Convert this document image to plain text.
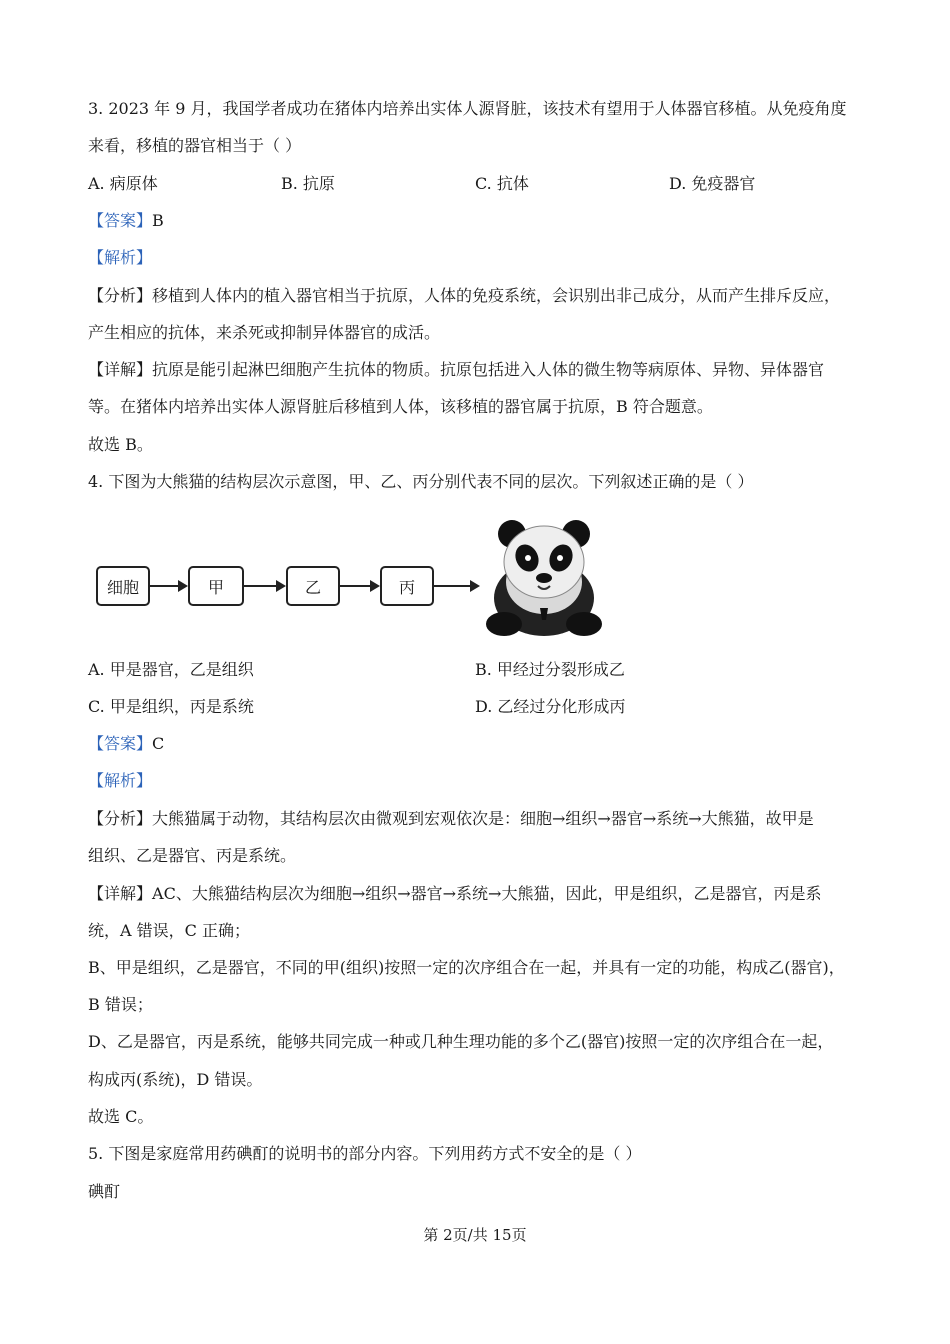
3. 2023 年 9 月，我国学者成功在猪体内培养出实体人源肾脏，该技术有望用于人体器官移植。从免疫角度
来看，移植的器官相当于（ ）
A. 病原体	B. 抗原	C. 抗体	D. 免疫器官
【答案】B
【解析】
【分析】移植到人体内的植入器官相当于抗原，人体的免疫系统，会识别出非己成分，从而产生排斥反应，
产生相应的抗体，来杀死或抑制异体器官的成活。
【详解】抗原是能引起淋巴细胞产生抗体的物质。抗原包括进入人体的微生物等病原体、异物、异体器官
等。在猪体内培养出实体人源肾脏后移植到人体，该移植的器官属于抗原，B 符合题意。
故选 B。
4. 下图为大熊猫的结构层次示意图，甲、乙、丙分别代表不同的层次。下列叙述正确的是（ ）
细胞	甲	乙	丙
A. 甲是器官，乙是组织	B. 甲经过分裂形成乙
C. 甲是组织，丙是系统	D. 乙经过分化形成丙
【答案】C
【解析】
【分析】大熊猫属于动物，其结构层次由微观到宏观依次是：细胞→组织→器官→系统→大熊猫，故甲是
组织、乙是器官、丙是系统。
【详解】AC、大熊猫结构层次为细胞→组织→器官→系统→大熊猫，因此，甲是组织，乙是器官，丙是系
统，A 错误，C 正确；
B、甲是组织，乙是器官，不同的甲(组织)按照一定的次序组合在一起，并具有一定的功能，构成乙(器官)，
B 错误；
D、乙是器官，丙是系统，能够共同完成一种或几种生理功能的多个乙(器官)按照一定的次序组合在一起，
构成丙(系统)，D 错误。
故选 C。
5. 下图是家庭常用药碘酊的说明书的部分内容。下列用药方式不安全的是（ ）
碘酊
第 2页/共 15页
